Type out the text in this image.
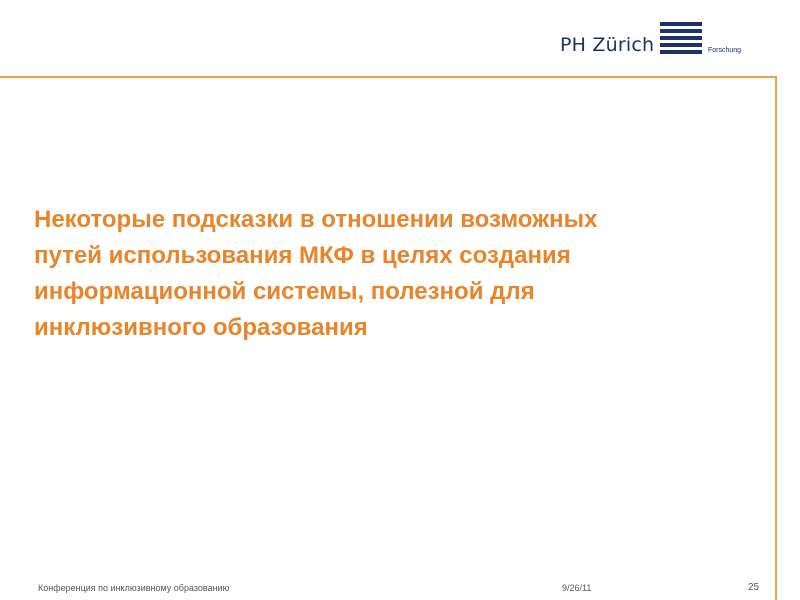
PH Zürich	Forschung
Некоторые подсказки в отношении возможных
путей использования МКФ в целях создания
информационной системы, полезной для
инклюзивного образования
Конференция по инклюзивному образованию	9/26/11	25
